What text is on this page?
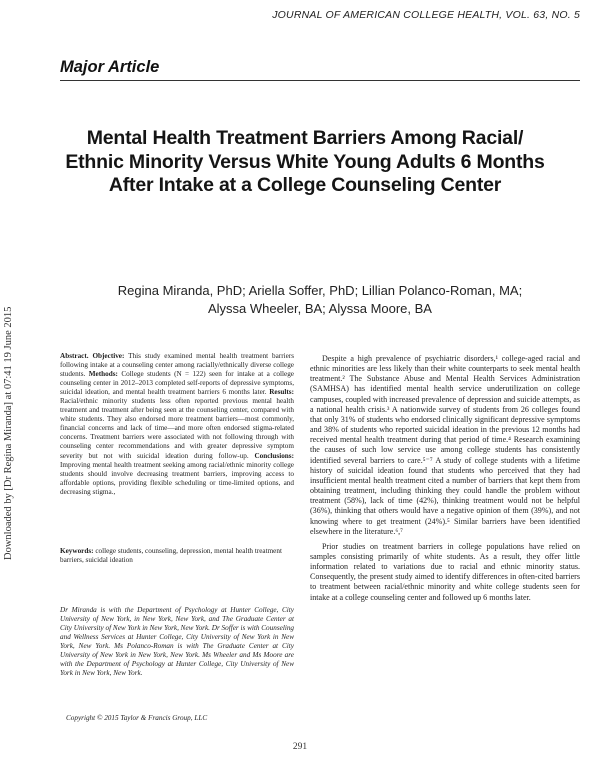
JOURNAL OF AMERICAN COLLEGE HEALTH, VOL. 63, NO. 5
Major Article
Mental Health Treatment Barriers Among Racial/ Ethnic Minority Versus White Young Adults 6 Months After Intake at a College Counseling Center
Regina Miranda, PhD; Ariella Soffer, PhD; Lillian Polanco-Roman, MA;
Alyssa Wheeler, BA; Alyssa Moore, BA
Downloaded by [Dr Regina Miranda] at 07:41 19 June 2015	Abstract. Objective: This study examined mental health treatment barriers following intake at a counseling center among racially/ethnically diverse college students. Methods: College students (N = 122) seen for intake at a college counseling center in 2012–2013 completed self-reports of depressive symptoms, suicidal ideation, and mental health treatment barriers 6 months later. Results: Racial/ethnic minority students less often reported previous mental health treatment and treatment after being seen at the counseling center, compared with white students. They also endorsed more treatment barriers—most commonly, financial concerns and lack of time—and more often endorsed stigma-related concerns. Treatment barriers were associated with not following through with counseling center recommendations and with greater depressive symptom severity but not with suicidal ideation during follow-up. Conclusions: Improving mental health treatment seeking among racial/ethnic minority college students should involve decreasing treatment barriers, improving access to affordable options, providing flexible scheduling or time-limited options, and decreasing stigma.,

Keywords: college students, counseling, depression, mental health treatment barriers, suicidal ideation

Dr Miranda is with the Department of Psychology at Hunter College, City University of New York, in New York, New York, and The Graduate Center at City University of New York in New York, New York. Dr Soffer is with Counseling and Wellness Services at Hunter College, City University of New York in New York, New York. Ms Polanco-Roman is with The Graduate Center at City University of New York in New York, New York. Ms Wheeler and Ms Moore are with the Department of Psychology at Hunter College, City University of New York in New York, New York.

Copyright © 2015 Taylor & Francis Group, LLC

Despite a high prevalence of psychiatric disorders,¹ college-aged racial and ethnic minorities are less likely than their white counterparts to seek mental health treatment.² The Substance Abuse and Mental Health Services Administration (SAMHSA) has identified mental health service underutilization on college campuses, coupled with increased prevalence of depression and suicide attempts, as a national health crisis.³ A nationwide survey of students from 26 colleges found that only 31% of students who endorsed clinically significant depressive symptoms and 38% of students who reported suicidal ideation in the previous 12 months had received mental health treatment during that period of time.⁴ Research examining the causes of such low service use among college students has consistently identified several barriers to care.⁵⁻⁷ A study of college students with a lifetime history of suicidal ideation found that students who perceived that they had insufficient mental health treatment cited a number of barriers that kept them from obtaining treatment, including thinking they could handle the problem without treatment (58%), lack of time (42%), thinking treatment would not be helpful (36%), thinking that others would have a negative opinion of them (39%), and not knowing where to get treatment (24%).⁵ Similar barriers have been identified elsewhere in the literature.⁶,⁷

Prior studies on treatment barriers in college populations have relied on samples consisting primarily of white students. As a result, they offer little information related to variations due to racial and ethnic minority status. Consequently, the present study aimed to identify differences in often-cited barriers to treatment between racial/ethnic minority and white college students seen for intake at a college counseling center and followed up 6 months later.

291
